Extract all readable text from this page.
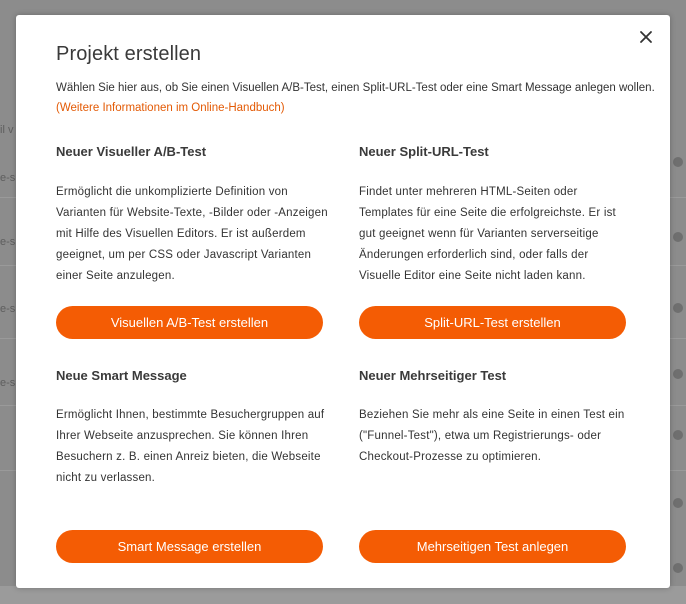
il v
e-s
e-s
e-s
e-s
Projekt erstellen
Wählen Sie hier aus, ob Sie einen Visuellen A/B-Test, einen Split-URL-Test oder eine Smart Message anlegen wollen.
(Weitere Informationen im Online-Handbuch)
Neuer Visueller A/B-Test
Ermöglicht die unkomplizierte Definition von Varianten für Website-Texte, -Bilder oder -Anzeigen mit Hilfe des Visuellen Editors. Er ist außerdem geeignet, um per CSS oder Javascript Varianten einer Seite anzulegen.
Visuellen A/B-Test erstellen
Neuer Split-URL-Test
Findet unter mehreren HTML-Seiten oder Templates für eine Seite die erfolgreichste. Er ist gut geeignet wenn für Varianten serverseitige Änderungen erforderlich sind, oder falls der Visuelle Editor eine Seite nicht laden kann.
Split-URL-Test erstellen
Neue Smart Message
Ermöglicht Ihnen, bestimmte Besuchergruppen auf Ihrer Webseite anzusprechen. Sie können Ihren Besuchern z. B. einen Anreiz bieten, die Webseite nicht zu verlassen.
Smart Message erstellen
Neuer Mehrseitiger Test
Beziehen Sie mehr als eine Seite in einen Test ein ("Funnel-Test"), etwa um Registrierungs- oder Checkout-Prozesse zu optimieren.
Mehrseitigen Test anlegen
